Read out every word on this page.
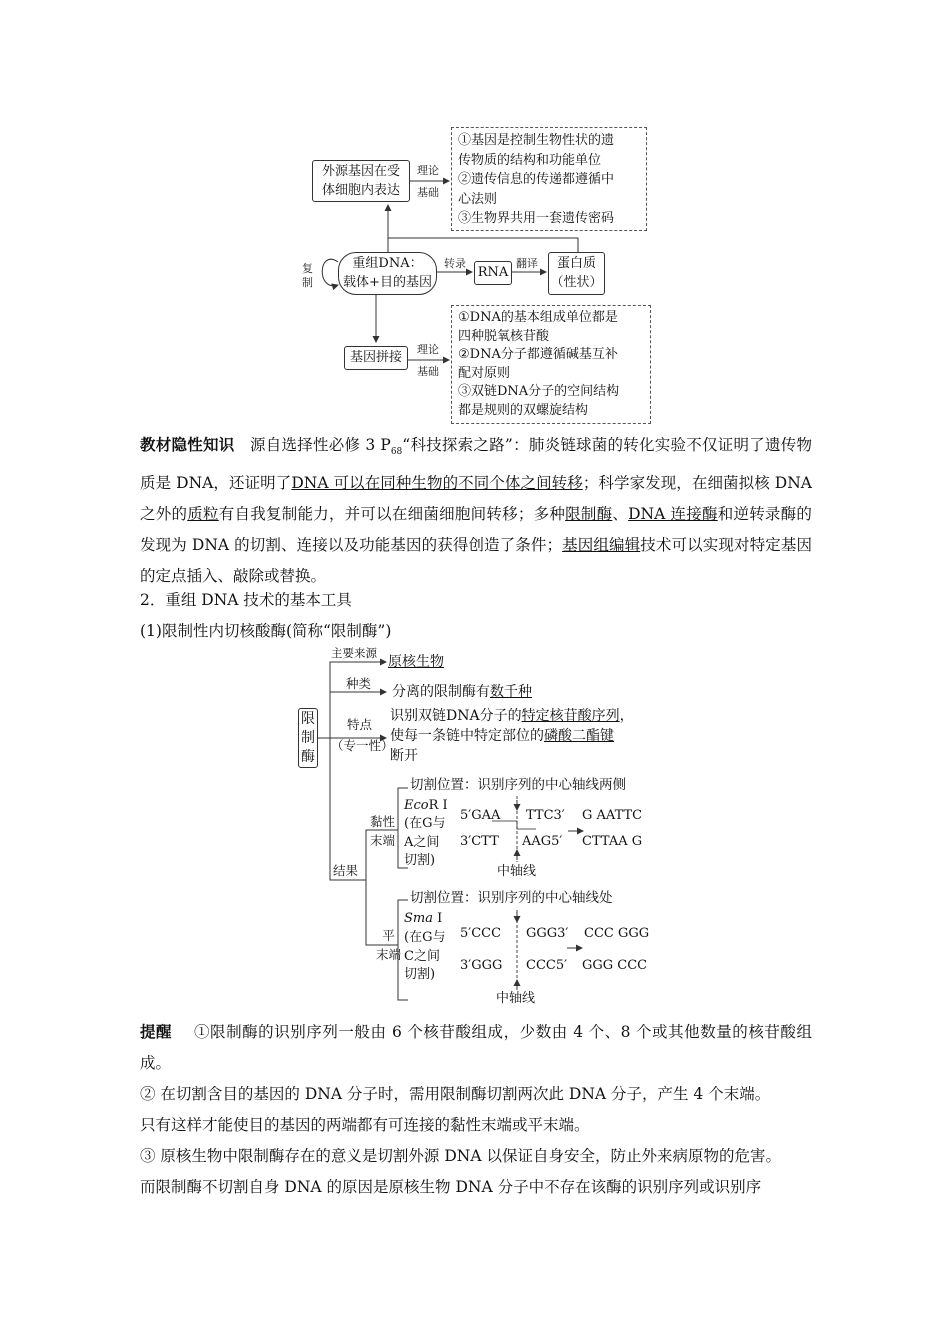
外源基因在受
体细胞内表达
理论
基础
①基因是控制生物性状的遗
传物质的结构和功能单位
②遗传信息的传递都遵循中
心法则
③生物界共用一套遗传密码
复
制
重组DNA：
载体+目的基因
转录
RNA
翻译	蛋白质
（性状）
基因拼接
理论
基础
①DNA的基本组成单位都是
四种脱氧核苷酸
②DNA分子都遵循碱基互补
配对原则
③双链DNA分子的空间结构
都是规则的双螺旋结构
教材隐性知识 源自选择性必修 3 $P_{68}“$科技探索之路”：肺炎链球菌的转化实验不仅证明了遗传物质是 DNA，还证明了DNA 可以在同种生物的不同个体之间转移；科学家发现，在细菌拟核 DNA 之外的质粒有自我复制能力，并可以在细菌细胞间转移；多种限制酶、DNA 连接酶和逆转录酶的发现为 DNA 的切割、连接以及功能基因的获得创造了条件；基因组编辑技术可以实现对特定基因的定点插入、敲除或替换。
2．重组 DNA 技术的基本工具
(1)限制性内切核酸酶(简称“限制酶”)
限
制
酶
主要来源
原核生物
种类
分离的限制酶有数千种
特点
（专一性）
识别双链DNA分子的特定核苷酸序列，
使每一条链中特定部位的磷酸二酯键
断开
结果
黏性
末端
切割位置：识别序列的中心轴线两侧
EcoR Ⅰ
(在G与
A之间
切割)
5′GAA TTC3′ G AATTC
3′CTT AAG5′ CTTAA G
中轴线
平
末端
切割位置：识别序列的中心轴线处
Sma Ⅰ
(在G与
C之间
切割)
5′CCC GGG3′ CCC GGG
3′GGG CCC5′ GGG CCC
中轴线
提醒 ①限制酶的识别序列一般由 6 个核苷酸组成，少数由 4 个、8 个或其他数量的核苷酸组成。
② 在切割含目的基因的 DNA 分子时，需用限制酶切割两次此 DNA 分子，产生 4 个末端。
只有这样才能使目的基因的两端都有可连接的黏性末端或平末端。
③ 原核生物中限制酶存在的意义是切割外源 DNA 以保证自身安全，防止外来病原物的危害。
而限制酶不切割自身 DNA 的原因是原核生物 DNA 分子中不存在该酶的识别序列或识别序
